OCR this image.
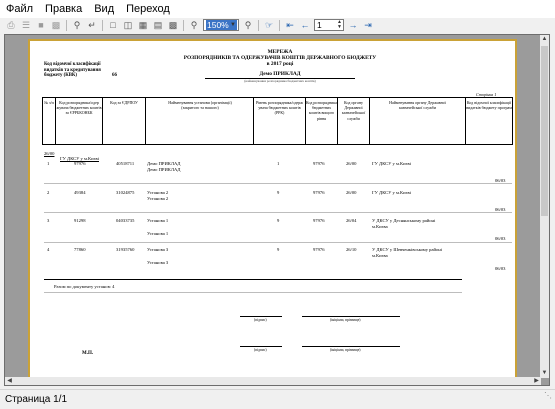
Файл Правка Вид Переход
⎙ ☰ ■ ▩	⚲ ↵	□ ◫ ▦ ▤ ▩	⚲	150% ▼ ⚲	☞ ⇤ ← 1	▲
▼ → ⇥
МЕРЕЖА
РОЗПОРЯДНИКІВ ТА ОДЕРЖУВАЧІВ КОШТІВ ДЕРЖАВНОГО БЮДЖЕТУ
в 2017 році
Код відомчої класифікації видатків та кредитування бюджету (КВК)	66	Демо ПРИКЛАД
(найменування розпорядника бюджетних коштів)
Сторінка 1
№ з/п	Код розпорядника/одер жувача бюджетних коштів за ЄРРБКОНБК
Код за ЄДРПОУ	Найменування установи (організації) (закритого та нашого)
Рівень розпорядника/одерж увача бюджетних коштів (РРК)
Код розпорядника бюджетних коштів вищого рівня
Код органу Державної казначейської служби
Найменування органу Державної казначейської служби
Код відомчої класифікації видатків бюджету програм
26/00
ГУ ДКСУ у м.Києві
1	97976	40518711	Демо ПРИКЛАД
Демо ПРИКЛАД
1	97976	26/00	ГУ ДКСУ у м.Києві
06/03
2	49384	31024875	Установа 2
Установа 2
9	97976	26/00	ГУ ДКСУ у м.Києві
06/03
3	91298	04033735	Установа 1
Установа 1
9	97976	26/04	У ДКСУ у Деснянському районі
м.Києва
06/03
4	77860	31935760	Установа 3
Установа 3
9	97976	26/10	У ДКСУ у Шевченківському районі
м.Києва
06/03
Разом по документу установ: 4
(підпис)	(ініціали, прізвище)
(підпис)	(ініціали, прізвище)
М.П.
▲
▼
◀	▶
Страница 1/1	⋱
